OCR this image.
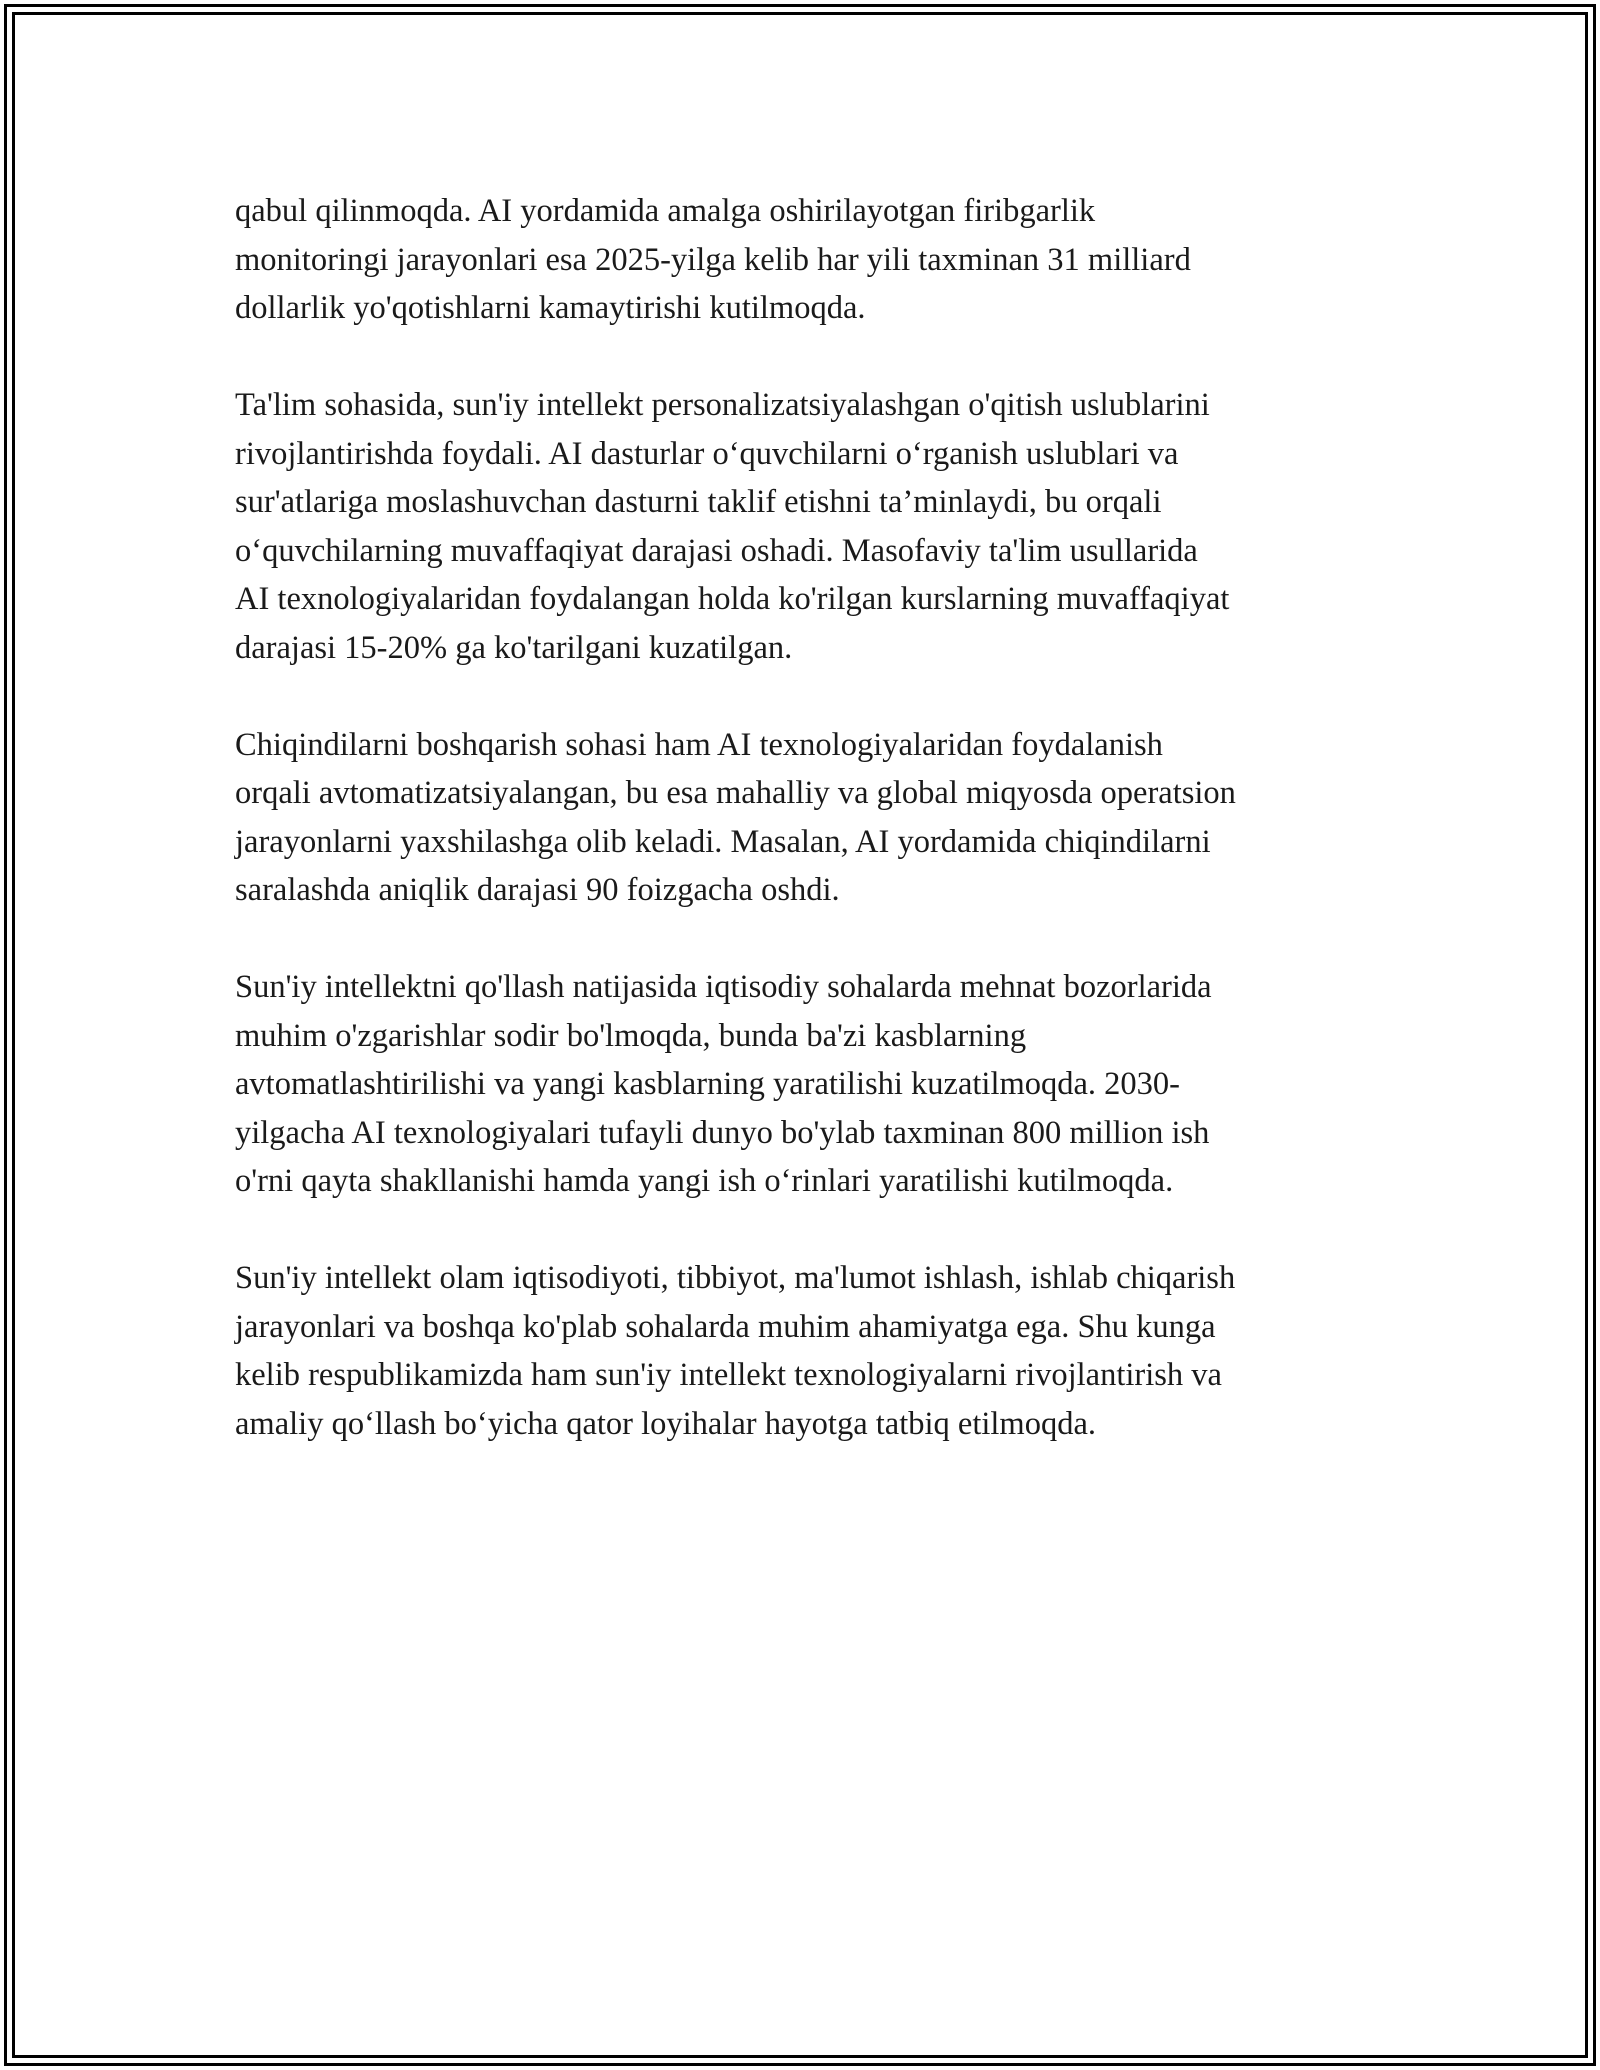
qabul qilinmoqda. AI yordamida amalga oshirilayotgan firibgarlik
monitoringi jarayonlari esa 2025-yilga kelib har yili taxminan 31 milliard
dollarlik yo'qotishlarni kamaytirishi kutilmoqda.

Ta'lim sohasida, sun'iy intellekt personalizatsiyalashgan o'qitish uslublarini
rivojlantirishda foydali. AI dasturlar o‘quvchilarni o‘rganish uslublari va
sur'atlariga moslashuvchan dasturni taklif etishni ta’minlaydi, bu orqali
o‘quvchilarning muvaffaqiyat darajasi oshadi. Masofaviy ta'lim usullarida
AI texnologiyalaridan foydalangan holda ko'rilgan kurslarning muvaffaqiyat
darajasi 15-20% ga ko'tarilgani kuzatilgan.

Chiqindilarni boshqarish sohasi ham AI texnologiyalaridan foydalanish
orqali avtomatizatsiyalangan, bu esa mahalliy va global miqyosda operatsion
jarayonlarni yaxshilashga olib keladi. Masalan, AI yordamida chiqindilarni
saralashda aniqlik darajasi 90 foizgacha oshdi.

Sun'iy intellektni qo'llash natijasida iqtisodiy sohalarda mehnat bozorlarida
muhim o'zgarishlar sodir bo'lmoqda, bunda ba'zi kasblarning
avtomatlashtirilishi va yangi kasblarning yaratilishi kuzatilmoqda. 2030-
yilgacha AI texnologiyalari tufayli dunyo bo'ylab taxminan 800 million ish
o'rni qayta shakllanishi hamda yangi ish o‘rinlari yaratilishi kutilmoqda.

Sun'iy intellekt olam iqtisodiyoti, tibbiyot, ma'lumot ishlash, ishlab chiqarish
jarayonlari va boshqa ko'plab sohalarda muhim ahamiyatga ega. Shu kunga
kelib respublikamizda ham sun'iy intellekt texnologiyalarni rivojlantirish va
amaliy qo‘llash bo‘yicha qator loyihalar hayotga tatbiq etilmoqda.
